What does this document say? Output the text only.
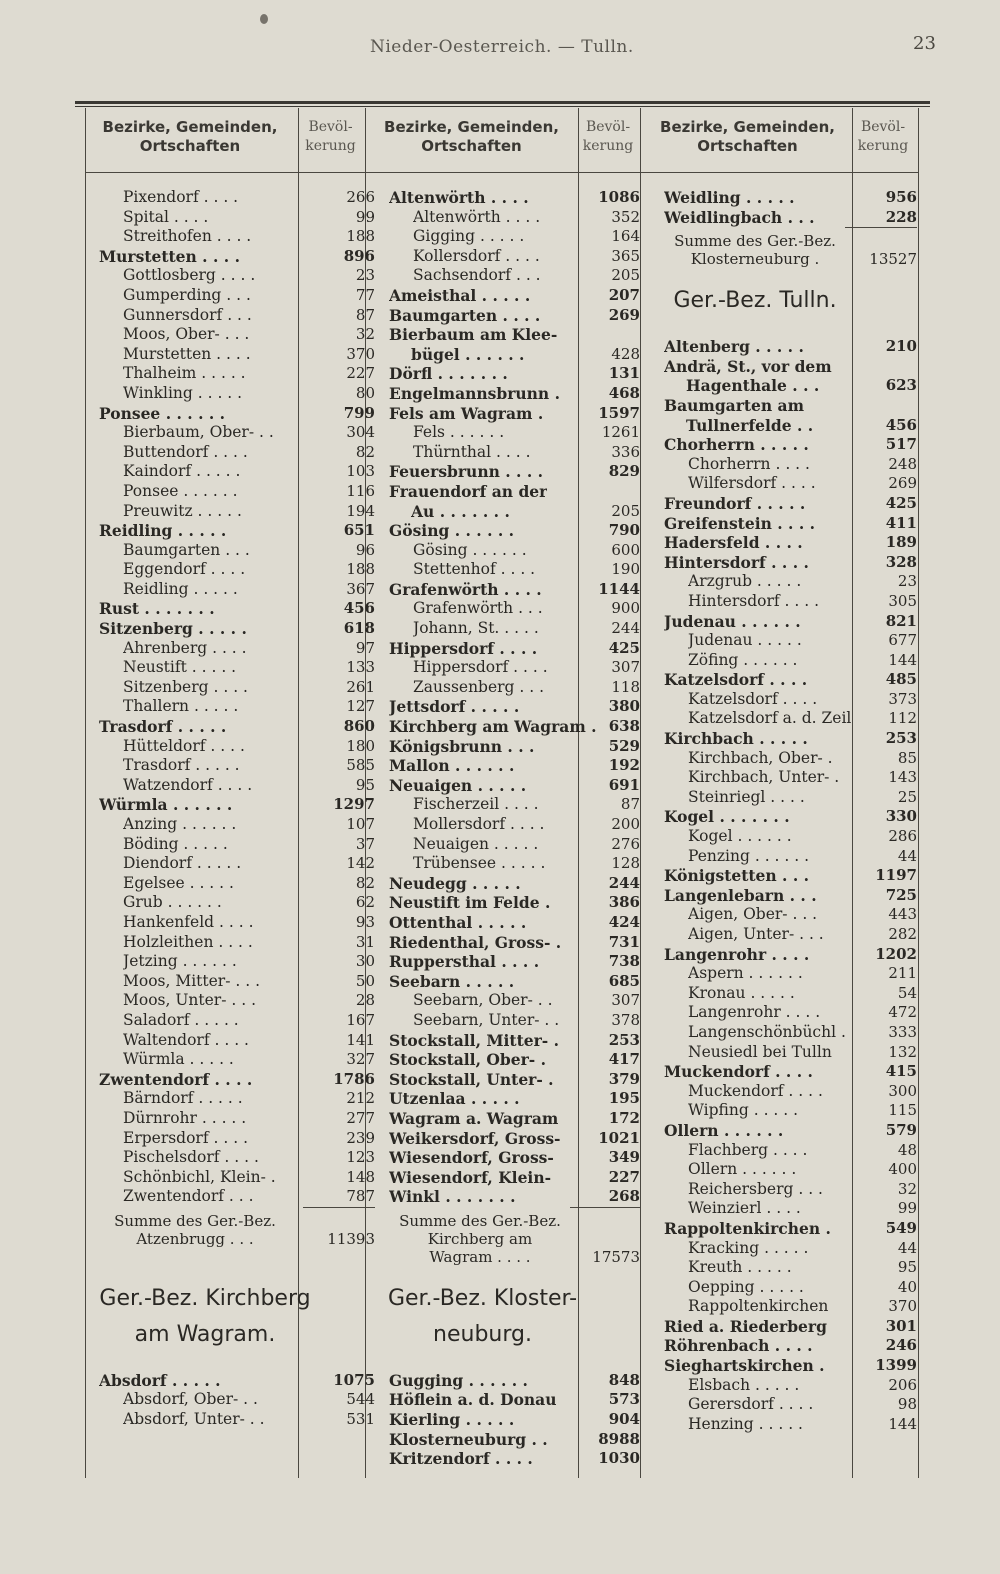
Nieder-Oesterreich. — Tulln.	23
Bezirke, Gemeinden,
Ortschaften
Bevöl-
kerung
Pixendorf . . . .	266
Spital . . . .	99
Streithofen . . . .	188
Murstetten . . . .	896
Gottlosberg . . . .	23
Gumperding . . .	77
Gunnersdorf . . .	87
Moos, Ober- . . .	32
Murstetten . . . .	370
Thalheim . . . . .	227
Winkling . . . . .	80
Ponsee . . . . . .	799
Bierbaum, Ober- . .	304
Buttendorf . . . .	82
Kaindorf . . . . .	103
Ponsee . . . . . .	116
Preuwitz . . . . .	194
Reidling . . . . .	651
Baumgarten . . .	96
Eggendorf . . . .	188
Reidling . . . . .	367
Rust . . . . . . .	456
Sitzenberg . . . . .	618
Ahrenberg . . . .	97
Neustift . . . . .	133
Sitzenberg . . . .	261
Thallern . . . . .	127
Trasdorf . . . . .	860
Hütteldorf . . . .	180
Trasdorf . . . . .	585
Watzendorf . . . .	95
Würmla . . . . . .	1297
Anzing . . . . . .	107
Böding . . . . .	37
Diendorf . . . . .	142
Egelsee . . . . .	82
Grub . . . . . .	62
Hankenfeld . . . .	93
Holzleithen . . . .	31
Jetzing . . . . . .	30
Moos, Mitter- . . .	50
Moos, Unter- . . .	28
Saladorf . . . . .	167
Waltendorf . . . .	141
Würmla . . . . .	327
Zwentendorf . . . .	1786
Bärndorf . . . . .	212
Dürnrohr . . . . .	277
Erpersdorf . . . .	239
Pischelsdorf . . . .	123
Schönbichl, Klein- .	148
Zwentendorf . . .	787
Summe des Ger.-Bez.
Atzenbrugg . . .	11393
Ger.-Bez. Kirchberg
am Wagram.
Absdorf . . . . .	1075
Absdorf, Ober- . .	544
Absdorf, Unter- . .	531
Bezirke, Gemeinden,
Ortschaften
Bevöl-
kerung
Altenwörth . . . .	1086
Altenwörth . . . .	352
Gigging . . . . .	164
Kollersdorf . . . .	365
Sachsendorf . . .	205
Ameisthal . . . . .	207
Baumgarten . . . .	269
Bierbaum am Klee-
bügel . . . . . .	428
Dörfl . . . . . . .	131
Engelmannsbrunn .	468
Fels am Wagram .	1597
Fels . . . . . .	1261
Thürnthal . . . .	336
Feuersbrunn . . . .	829
Frauendorf an der
Au . . . . . . .	205
Gösing . . . . . .	790
Gösing . . . . . .	600
Stettenhof . . . .	190
Grafenwörth . . . .	1144
Grafenwörth . . .	900
Johann, St. . . . .	244
Hippersdorf . . . .	425
Hippersdorf . . . .	307
Zaussenberg . . .	118
Jettsdorf . . . . .	380
Kirchberg am Wagram . 638
Königsbrunn . . .	529
Mallon . . . . . .	192
Neuaigen . . . . .	691
Fischerzeil . . . .	87
Mollersdorf . . . .	200
Neuaigen . . . . .	276
Trübensee . . . . .	128
Neudegg . . . . .	244
Neustift im Felde .	386
Ottenthal . . . . .	424
Riedenthal, Gross- .	731
Ruppersthal . . . .	738
Seebarn . . . . .	685
Seebarn, Ober- . .	307
Seebarn, Unter- . .	378
Stockstall, Mitter- .	253
Stockstall, Ober- .	417
Stockstall, Unter- .	379
Utzenlaa . . . . .	195
Wagram a. Wagram	172
Weikersdorf, Gross-	1021
Wiesendorf, Gross-	349
Wiesendorf, Klein-	227
Winkl . . . . . . .	268
Summe des Ger.-Bez.
Kirchberg am
Wagram . . . .	17573
Ger.-Bez. Kloster-
neuburg.
Gugging . . . . . .	848
Höflein a. d. Donau	573
Kierling . . . . .	904
Klosterneuburg . .	8988
Kritzendorf . . . .	1030
Bezirke, Gemeinden,
Ortschaften
Bevöl-
kerung
Weidling . . . . .	956
Weidlingbach . . .	228
Summe des Ger.-Bez.
Klosterneuburg .	13527
Ger.-Bez. Tulln.
Altenberg . . . . .	210
Andrä, St., vor dem
Hagenthale . . .	623
Baumgarten am
Tullnerfelde . .	456
Chorherrn . . . . .	517
Chorherrn . . . .	248
Wilfersdorf . . . .	269
Freundorf . . . . .	425
Greifenstein . . . .	411
Hadersfeld . . . .	189
Hintersdorf . . . .	328
Arzgrub . . . . .	23
Hintersdorf . . . .	305
Judenau . . . . . .	821
Judenau . . . . .	677
Zöfing . . . . . .	144
Katzelsdorf . . . .	485
Katzelsdorf . . . .	373
Katzelsdorf a. d. Zeil	112
Kirchbach . . . . .	253
Kirchbach, Ober- .	85
Kirchbach, Unter- .	143
Steinriegl . . . .	25
Kogel . . . . . . .	330
Kogel . . . . . .	286
Penzing . . . . . .	44
Königstetten . . .	1197
Langenlebarn . . .	725
Aigen, Ober- . . .	443
Aigen, Unter- . . .	282
Langenrohr . . . .	1202
Aspern . . . . . .	211
Kronau . . . . .	54
Langenrohr . . . .	472
Langenschönbüchl .	333
Neusiedl bei Tulln	132
Muckendorf . . . .	415
Muckendorf . . . .	300
Wipfing . . . . .	115
Ollern . . . . . .	579
Flachberg . . . .	48
Ollern . . . . . .	400
Reichersberg . . .	32
Weinzierl . . . .	99
Rappoltenkirchen .	549
Kracking . . . . .	44
Kreuth . . . . .	95
Oepping . . . . .	40
Rappoltenkirchen	370
Ried a. Riederberg	301
Röhrenbach . . . .	246
Sieghartskirchen .	1399
Elsbach . . . . .	206
Gerersdorf . . . .	98
Henzing . . . . .	144
